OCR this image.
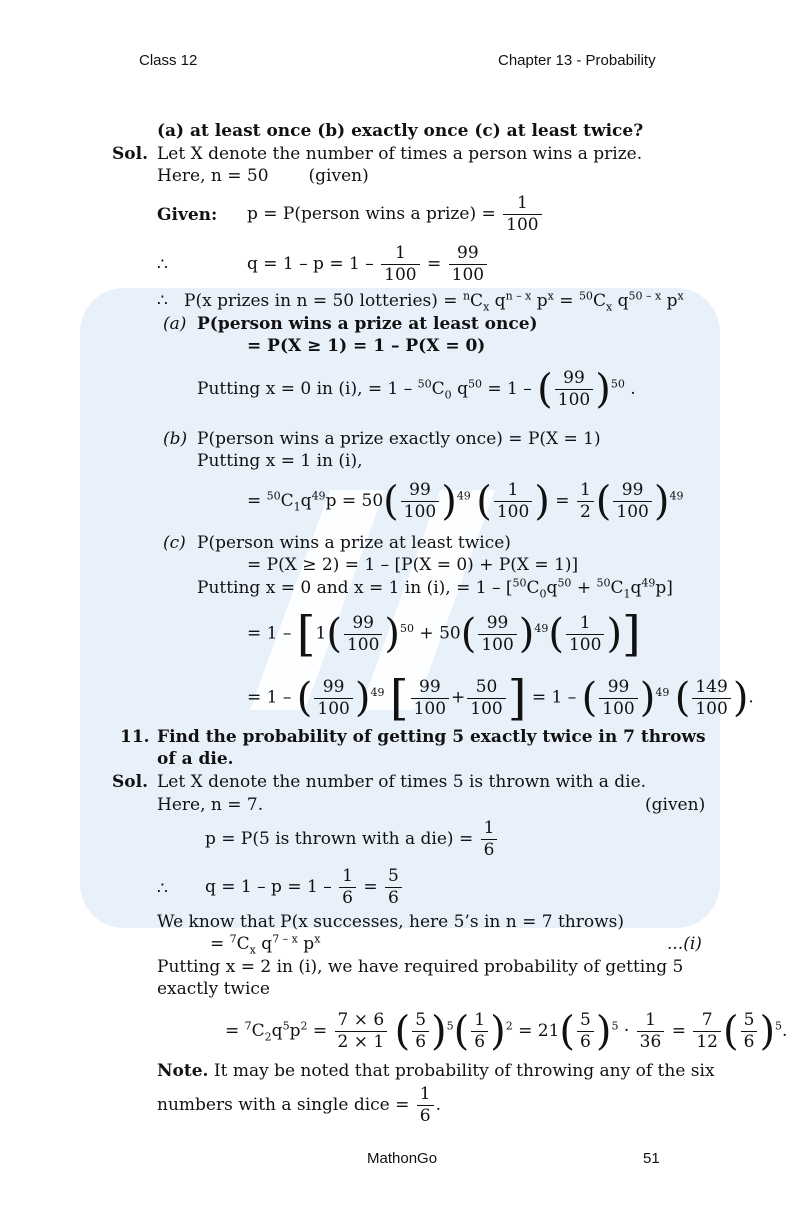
Class 12	Chapter 13 - Probability
(a) at least once (b) exactly once (c) at least twice?
Sol. Let X denote the number of times a person wins a prize.
Here, n = 50 (given)
Given: p = P(person wins a prize) = $\frac{1}{100}$
∴	$q = 1 - p = 1 - \frac{1}{100} = \frac{99}{100}$
∴   P(x prizes in n = 50 lotteries) = $^nC_x$ $q^{n - x}$ $p^x = ^{50}C_x$ $q^{50 - x}$ $p^x$
(a) P(person wins a prize at least once)
= P(X ≥ 1) = 1 – P(X = 0)
Putting x = 0 in (i), = $1 - ^{50}C_0$ $q^{50} = 1$ – ( $\frac{99}{100} )^{50}$ .
(b) P(person wins a prize exactly once) = P(X = 1)
Putting x = 1 in (i),
= $^{50}C_1q^{49}p = 50( \frac{99}{100} )^{49}$ ( $\frac{1}{100}$ ) = $\frac{1}{2}$ ( $\frac{99}{100} )^{49}$
(c) P(person wins a prize at least twice)
= P(X ≥ 2) = 1 – [P(X = 0) + P(X = 1)]
Putting x = 0 and x = 1 in (i), = $1 - [^{50}C_0q^{50} + ^{50}C_1q^{49}p]$
= $1 - [1( \frac{99}{100} )^{50} + 50( \frac{99}{100} )^{49}( \frac{1}{100}$ )]
= 1 – ( $\frac{99}{100} )^{49}$ [ $\frac{99}{100} + \frac{50}{100}$ ] = 1 – ( $\frac{99}{100} )^{49}$ ( $\frac{149}{100}$ ).
11. Find the probability of getting 5 exactly twice in 7 throws
of a die.
Sol. Let X denote the number of times 5 is thrown with a die.
Here, n = 7.	(given)
p = P(5 is thrown with a $die) = \frac{1}{6}$
∴ $q = 1 - p = 1 - \frac{1}{6} = \frac{5}{6}$
We know that P(x successes, here 5’s in n = 7 throws)
= $^7C_x$ $q^{7 - x}$ $p^x$	...(i)
Putting x = 2 in (i), we have required probability of getting 5
exactly twice
= $^7C_2q^5p^2 = \frac{7 \times 6}{2 \times 1}$ ( $\frac{5}{6} )^5( \frac{1}{6} )^2 = 21( \frac{5}{6} )^5 \cdot \frac{1}{36} = \frac{7}{12}$ ( $\frac{5}{6} )^5$.
Note. It may be noted that probability of throwing any of the six
numbers with a single dice = $\frac{1}{6}$ .
MathonGo	51
